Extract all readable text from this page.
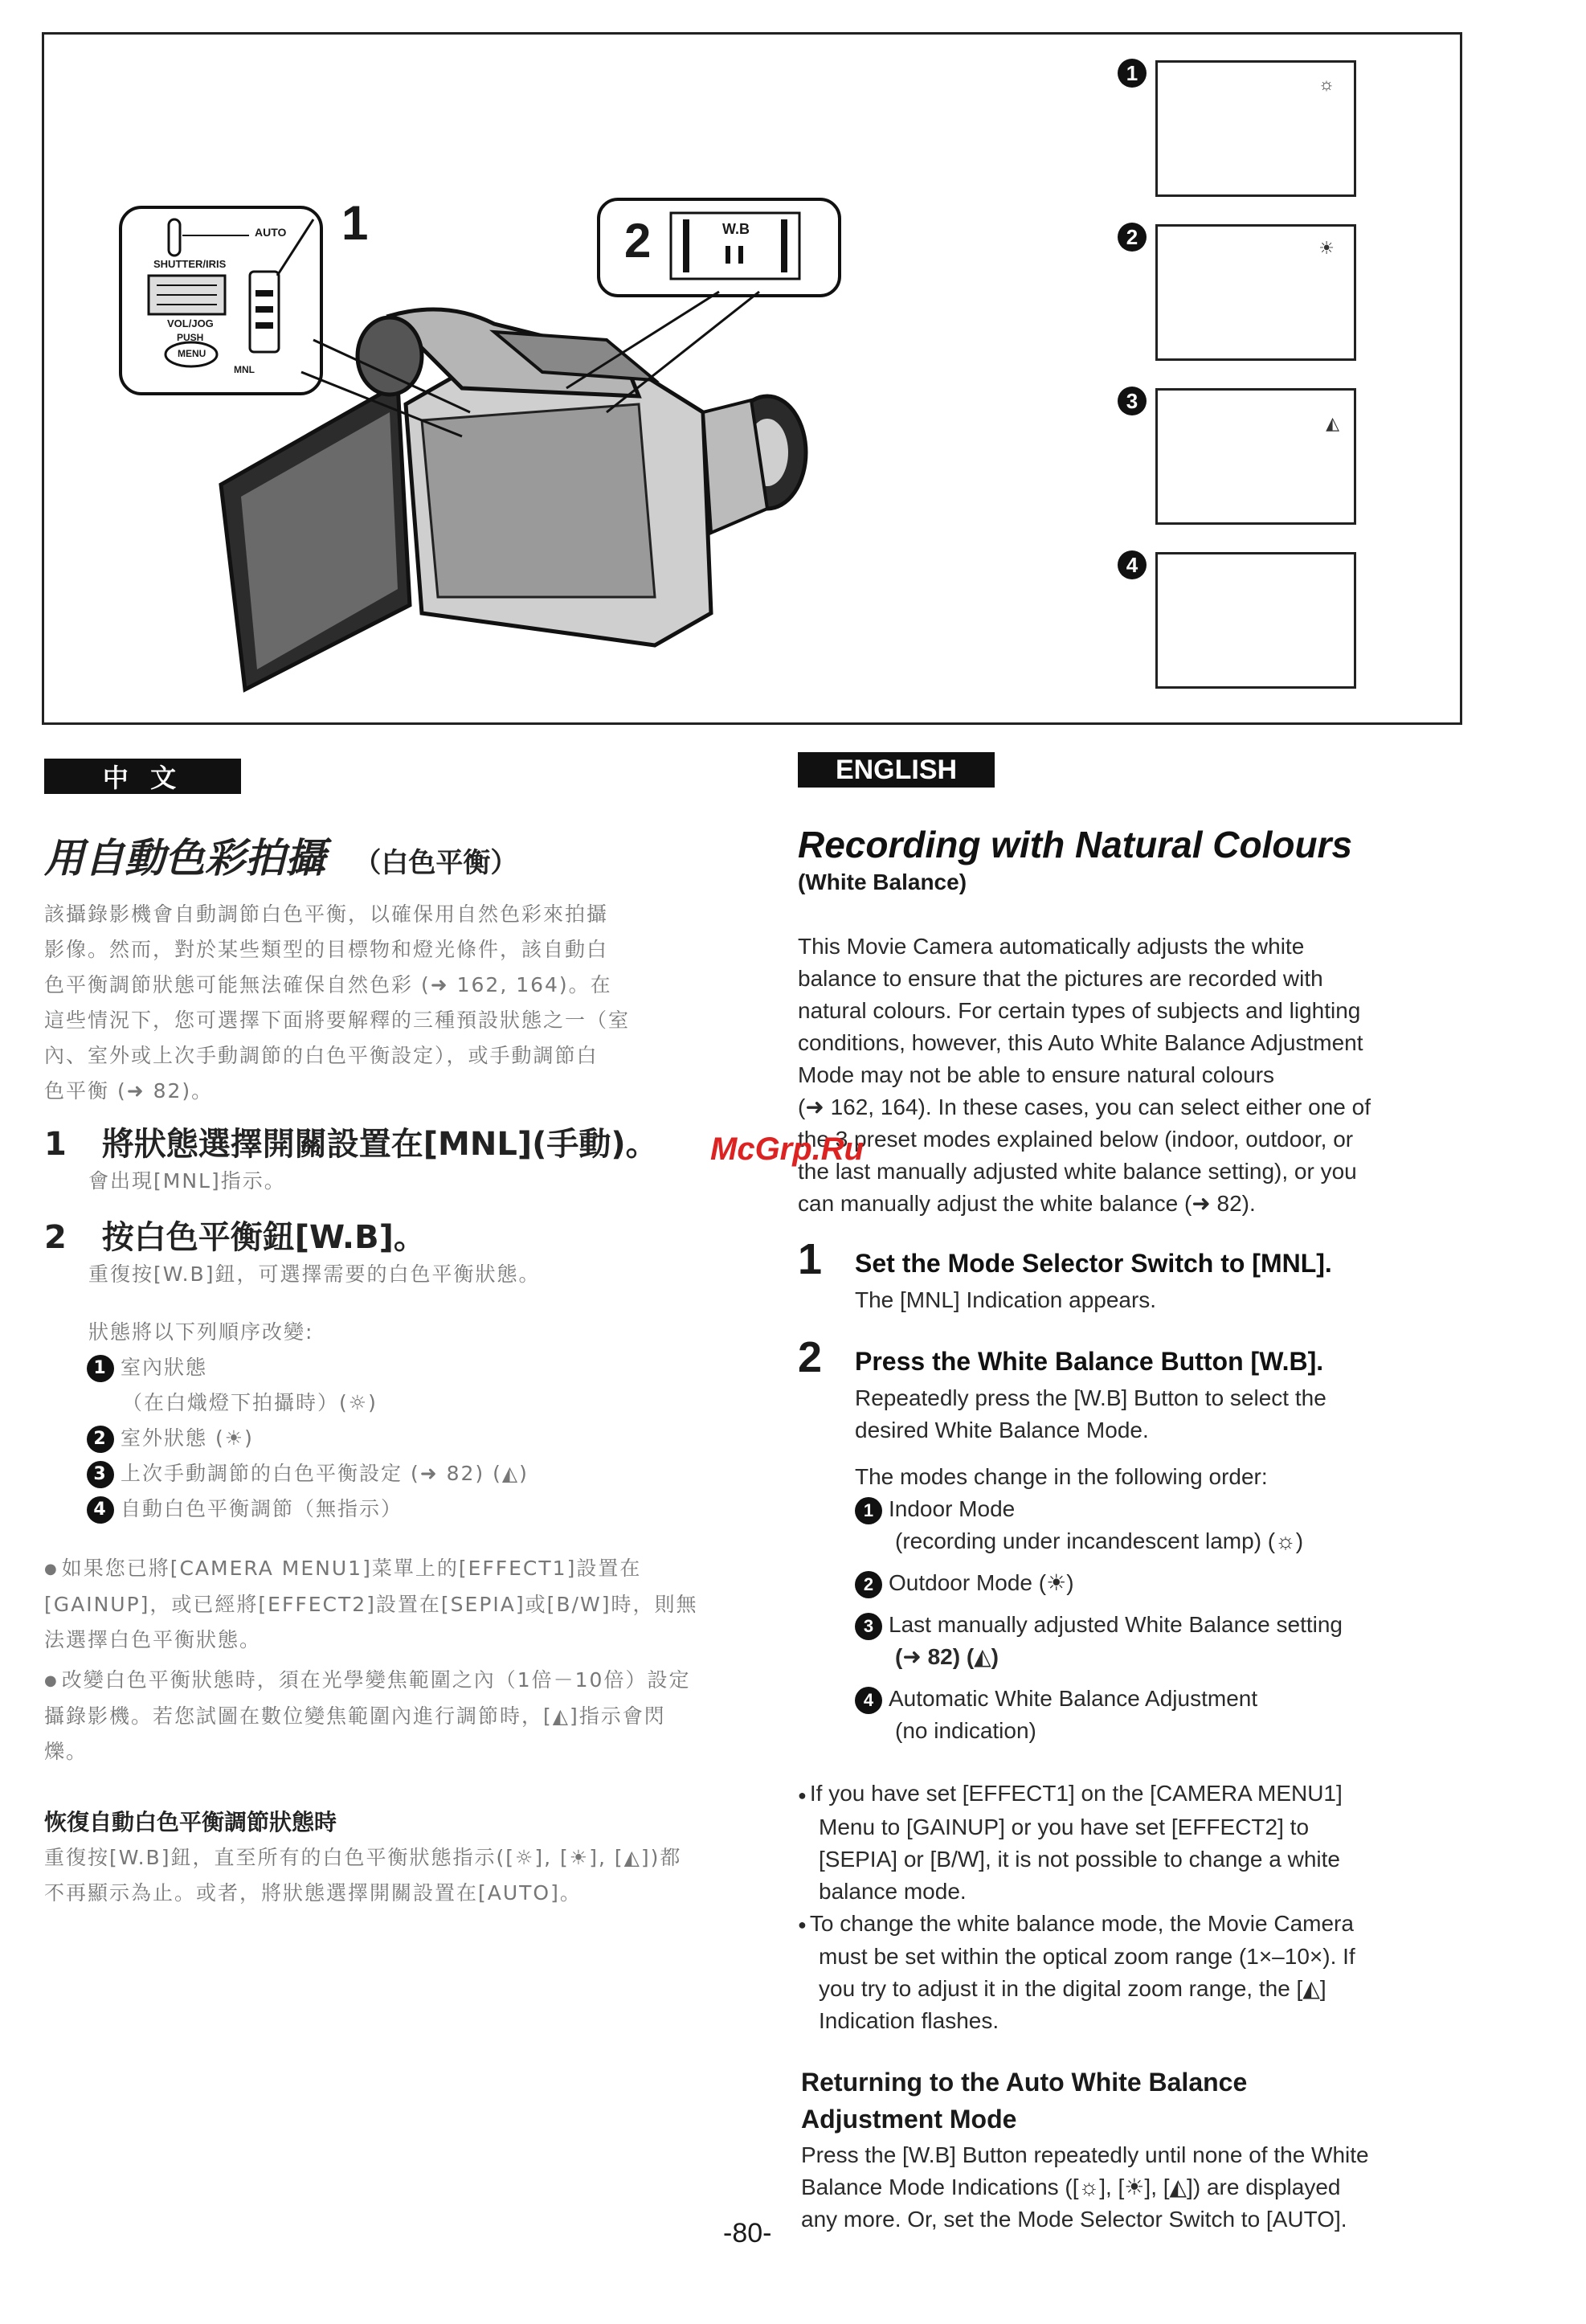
AUTO
SHUTTER/IRIS
VOL/JOG
PUSH
MENU
MNL
W.B
1	2
1	☼
2	☀
3
◭
4
中 文
用自動色彩拍攝 （白色平衡）
該攝錄影機會自動調節白色平衡，以確保用自然色彩來拍攝
影像。然而，對於某些類型的目標物和燈光條件，該自動白
色平衡調節狀態可能無法確保自然色彩 (➜ 162, 164)。在
這些情況下，您可選擇下面將要解釋的三種預設狀態之一（室
內、室外或上次手動調節的白色平衡設定），或手動調節白
色平衡 (➜ 82)。
1 將狀態選擇開關設置在[MNL](手動)。
會出現[MNL]指示。
2 按白色平衡鈕[W.B]。
重復按[W.B]鈕，可選擇需要的白色平衡狀態。
狀態將以下列順序改變:
1 室內狀態
（在白熾燈下拍攝時）(☼)
2 室外狀態 (☀)
3 上次手動調節的白色平衡設定 (➜ 82) (◭)
4 自動白色平衡調節（無指示）
● 如果您已將[CAMERA MENU1]菜單上的[EFFECT1]設置在[GAINUP]，或已經將[EFFECT2]設置在[SEPIA]或[B/W]時，則無法選擇白色平衡狀態。
● 改變白色平衡狀態時，須在光學變焦範圍之內（1倍－10倍）設定攝錄影機。若您試圖在數位變焦範圍內進行調節時，[◭]指示會閃爍。
恢復自動白色平衡調節狀態時
重復按[W.B]鈕，直至所有的白色平衡狀態指示([☼], [☀], [◭])都不再顯示為止。或者，將狀態選擇開關設置在[AUTO]。
ENGLISH
Recording with Natural Colours
(White Balance)
This Movie Camera automatically adjusts the white
balance to ensure that the pictures are recorded with
natural colours. For certain types of subjects and lighting
conditions, however, this Auto White Balance Adjustment
Mode may not be able to ensure natural colours
(➜ 162, 164). In these cases, you can select either one of
the 3 preset modes explained below (indoor, outdoor, or
the last manually adjusted white balance setting), or you
can manually adjust the white balance (➜ 82).
McGrp.Ru
1 Set the Mode Selector Switch to [MNL].
The [MNL] Indication appears.
2 Press the White Balance Button [W.B].
Repeatedly press the [W.B] Button to select the
desired White Balance Mode.
The modes change in the following order:
1 Indoor Mode
(recording under incandescent lamp) (☼)
2 Outdoor Mode (☀)
3 Last manually adjusted White Balance setting
(➜ 82) (◭)
4 Automatic White Balance Adjustment
(no indication)
● If you have set [EFFECT1] on the [CAMERA MENU1]
Menu to [GAINUP] or you have set [EFFECT2] to
[SEPIA] or [B/W], it is not possible to change a white
balance mode.
● To change the white balance mode, the Movie Camera
must be set within the optical zoom range (1×–10×). If
you try to adjust it in the digital zoom range, the [◭]
Indication flashes.
Returning to the Auto White Balance
Adjustment Mode
Press the [W.B] Button repeatedly until none of the White
Balance Mode Indications ([☼], [☀], [◭]) are displayed
any more. Or, set the Mode Selector Switch to [AUTO].
-80-
